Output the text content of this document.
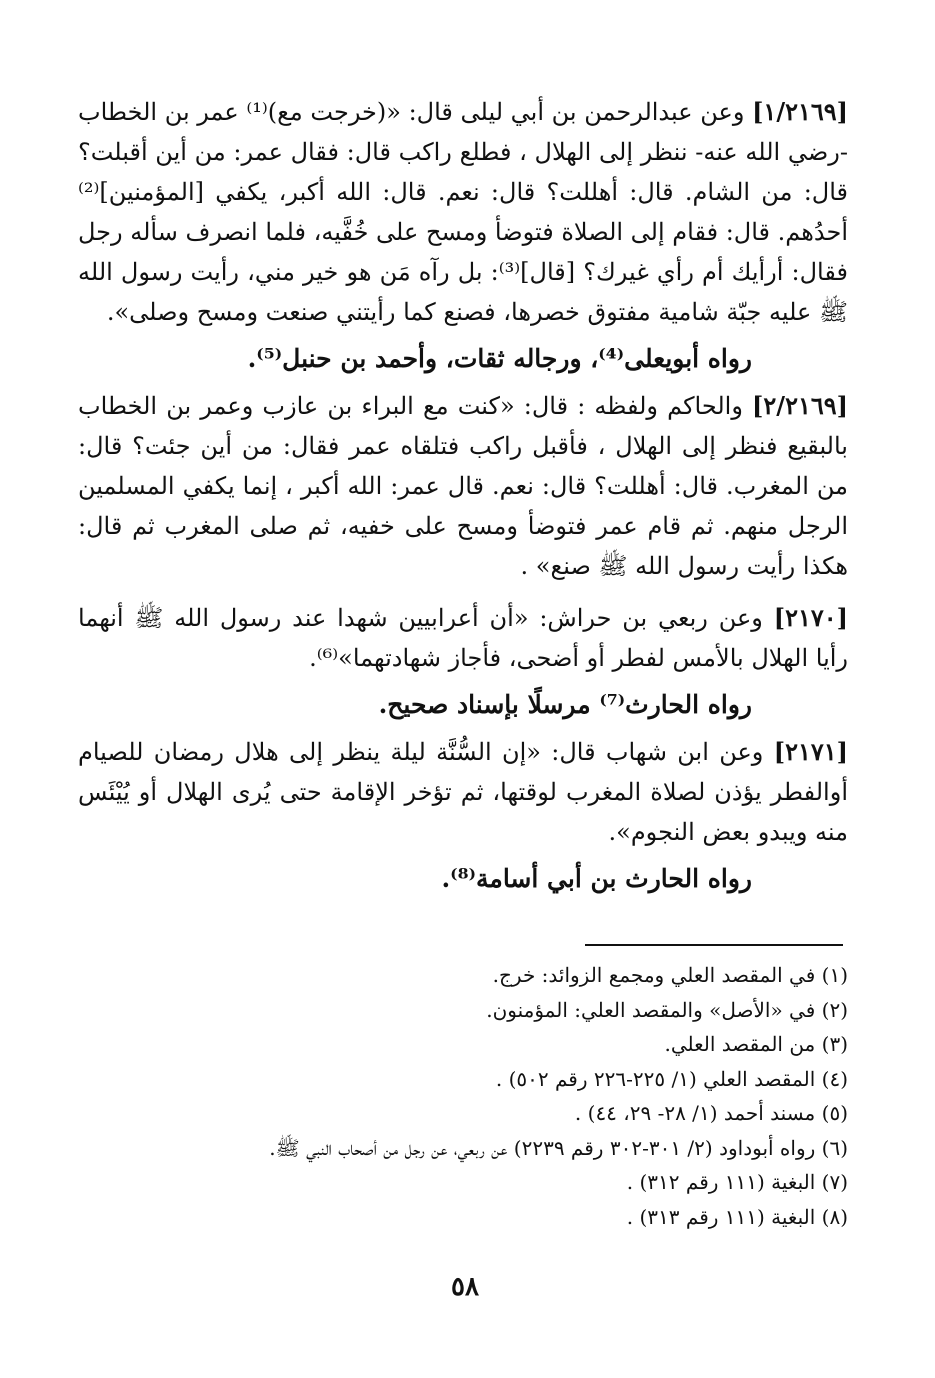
[١/٢١٦٩] وعن عبدالرحمن بن أبي ليلى قال: «(خرجت مع)⁽¹⁾ عمر بن الخطاب -رضي الله عنه- ننظر إلى الهلال ، فطلع راكب قال: فقال عمر: من أين أقبلت؟ قال: من الشام. قال: أهللت؟ قال: نعم. قال: الله أكبر، يكفي [المؤمنين]⁽²⁾ أحدُهم. قال: فقام إلى الصلاة فتوضأ ومسح على خُفَّيه، فلما انصرف سأله رجل فقال: أرأيك أم رأي غيرك؟ [قال]⁽³⁾: بل رآه مَن هو خير مني، رأيت رسول الله ﷺ عليه جبّة شامية مفتوق خصرها، فصنع كما رأيتني صنعت ومسح وصلى».

رواه أبويعلى⁽⁴⁾، ورجاله ثقات، وأحمد بن حنبل⁽⁵⁾.

[٢/٢١٦٩] والحاكم ولفظه : قال: «كنت مع البراء بن عازب وعمر بن الخطاب بالبقيع فنظر إلى الهلال ، فأقبل راكب فتلقاه عمر فقال: من أين جئت؟ قال: من المغرب. قال: أهللت؟ قال: نعم. قال عمر: الله أكبر ، إنما يكفي المسلمين الرجل منهم. ثم قام عمر فتوضأ ومسح على خفيه، ثم صلى المغرب ثم قال: هكذا رأيت رسول الله ﷺ صنع» .

[٢١٧٠] وعن ربعي بن حراش: «أن أعرابيين شهدا عند رسول الله ﷺ أنهما رأيا الهلال بالأمس لفطر أو أضحى، فأجاز شهادتهما»⁽⁶⁾.

رواه الحارث⁽⁷⁾ مرسلًا بإسناد صحيح.

[٢١٧١] وعن ابن شهاب قال: «إن السُّنَّة ليلة ينظر إلى هلال رمضان للصيام أوالفطر يؤذن لصلاة المغرب لوقتها، ثم تؤخر الإقامة حتى يُرى الهلال أو يُيْئَس منه ويبدو بعض النجوم».

رواه الحارث بن أبي أسامة⁽⁸⁾.

(١) في المقصد العلي ومجمع الزوائد: خرج.
(٢) في «الأصل» والمقصد العلي: المؤمنون.
(٣) من المقصد العلي.
(٤) المقصد العلي (١/ ٢٢٥-٢٢٦ رقم ٥٠٢) .
(٥) مسند أحمد (١/ ٢٨- ٢٩، ٤٤) .
(٦) رواه أبوداود (٢/ ٣٠١-٣٠٢ رقم ٢٢٣٩) عن ربعي، عن رجل من أصحاب النبي ﷺ.
(٧) البغية (١١١ رقم ٣١٢) .
(٨) البغية (١١١ رقم ٣١٣) .
٥٨
